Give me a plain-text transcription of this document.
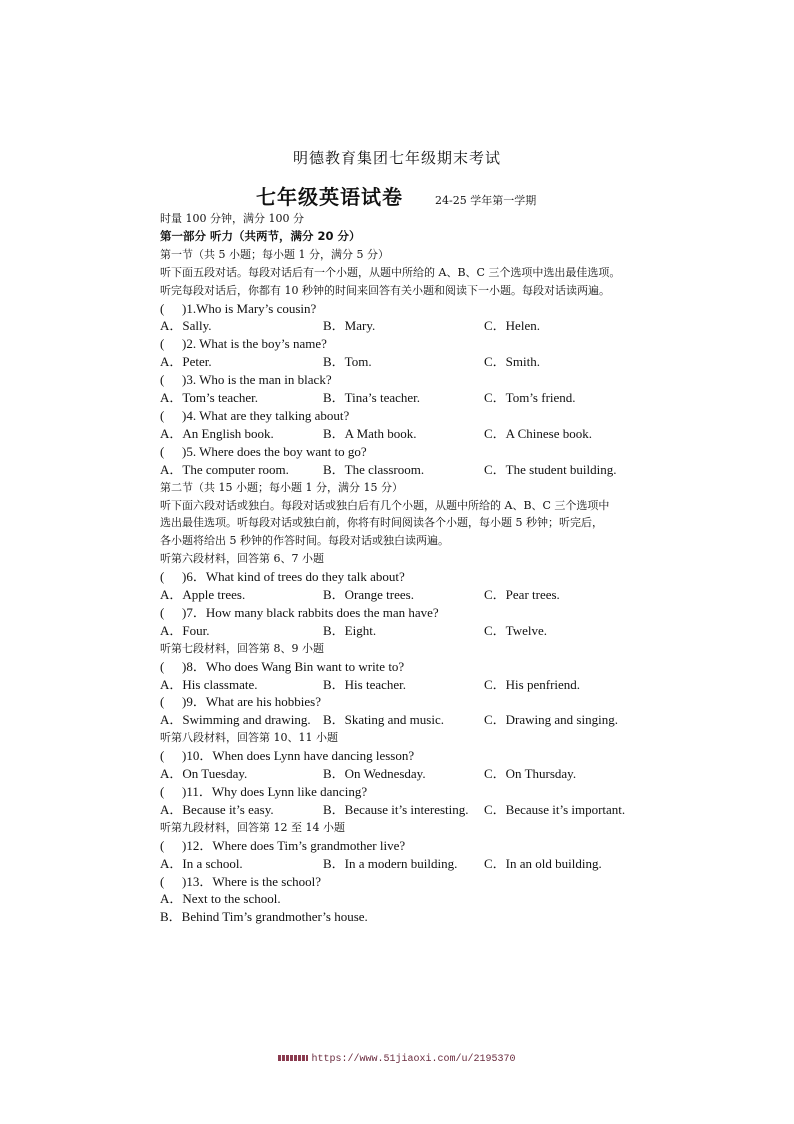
明德教育集团七年级期末考试
七年级英语试卷	24-25 学年第一学期
时量 100 分钟，满分 100 分
第一部分 听力（共两节，满分 20 分）
第一节（共 5 小题；每小题 1 分，满分 5 分）
听下面五段对话。每段对话后有一个小题，从题中所给的 A、B、C 三个选项中选出最佳选项。
听完每段对话后，你都有 10 秒钟的时间来回答有关小题和阅读下一小题。每段对话读两遍。
( )1.Who is Mary’s cousin?
A．Sally.	B．Mary.	C．Helen.
( )2. What is the boy’s name?
A．Peter.	B．Tom.	C．Smith.
( )3. Who is the man in black?
A．Tom’s teacher.	B．Tina’s teacher.	C．Tom’s friend.
( )4. What are they talking about?
A．An English book.	B．A Math book.	C．A Chinese book.
( )5. Where does the boy want to go?
A．The computer room.	B．The classroom.	C．The student building.
第二节（共 15 小题；每小题 1 分，满分 15 分）
听下面六段对话或独白。每段对话或独白后有几个小题，从题中所给的 A、B、C 三个选项中
选出最佳选项。听每段对话或独白前，你将有时间阅读各个小题，每小题 5 秒钟；听完后，
各小题将给出 5 秒钟的作答时间。每段对话或独白读两遍。
听第六段材料，回答第 6、7 小题
( )6．What kind of trees do they talk about?
A．Apple trees.	B．Orange trees.	C．Pear trees.
( )7．How many black rabbits does the man have?
A．Four.	B．Eight.	C．Twelve.
听第七段材料，回答第 8、9 小题
( )8．Who does Wang Bin want to write to?
A．His classmate.	B．His teacher.	C．His penfriend.
( )9．What are his hobbies?
A．Swimming and drawing. B．Skating and music.	C．Drawing and singing.
听第八段材料，回答第 10、11 小题
( )10．When does Lynn have dancing lesson?
A．On Tuesday.	B．On Wednesday.	C．On Thursday.
( )11．Why does Lynn like dancing?
A．Because it’s easy.	B．Because it’s interesting.	C．Because it’s important.
听第九段材料，回答第 12 至 14 小题
( )12．Where does Tim’s grandmother live?
A．In a school.	B．In a modern building.	C．In an old building.
( )13．Where is the school?
A．Next to the school.
B．Behind Tim’s grandmother’s house.
https://www.51jiaoxi.com/u/2195370
